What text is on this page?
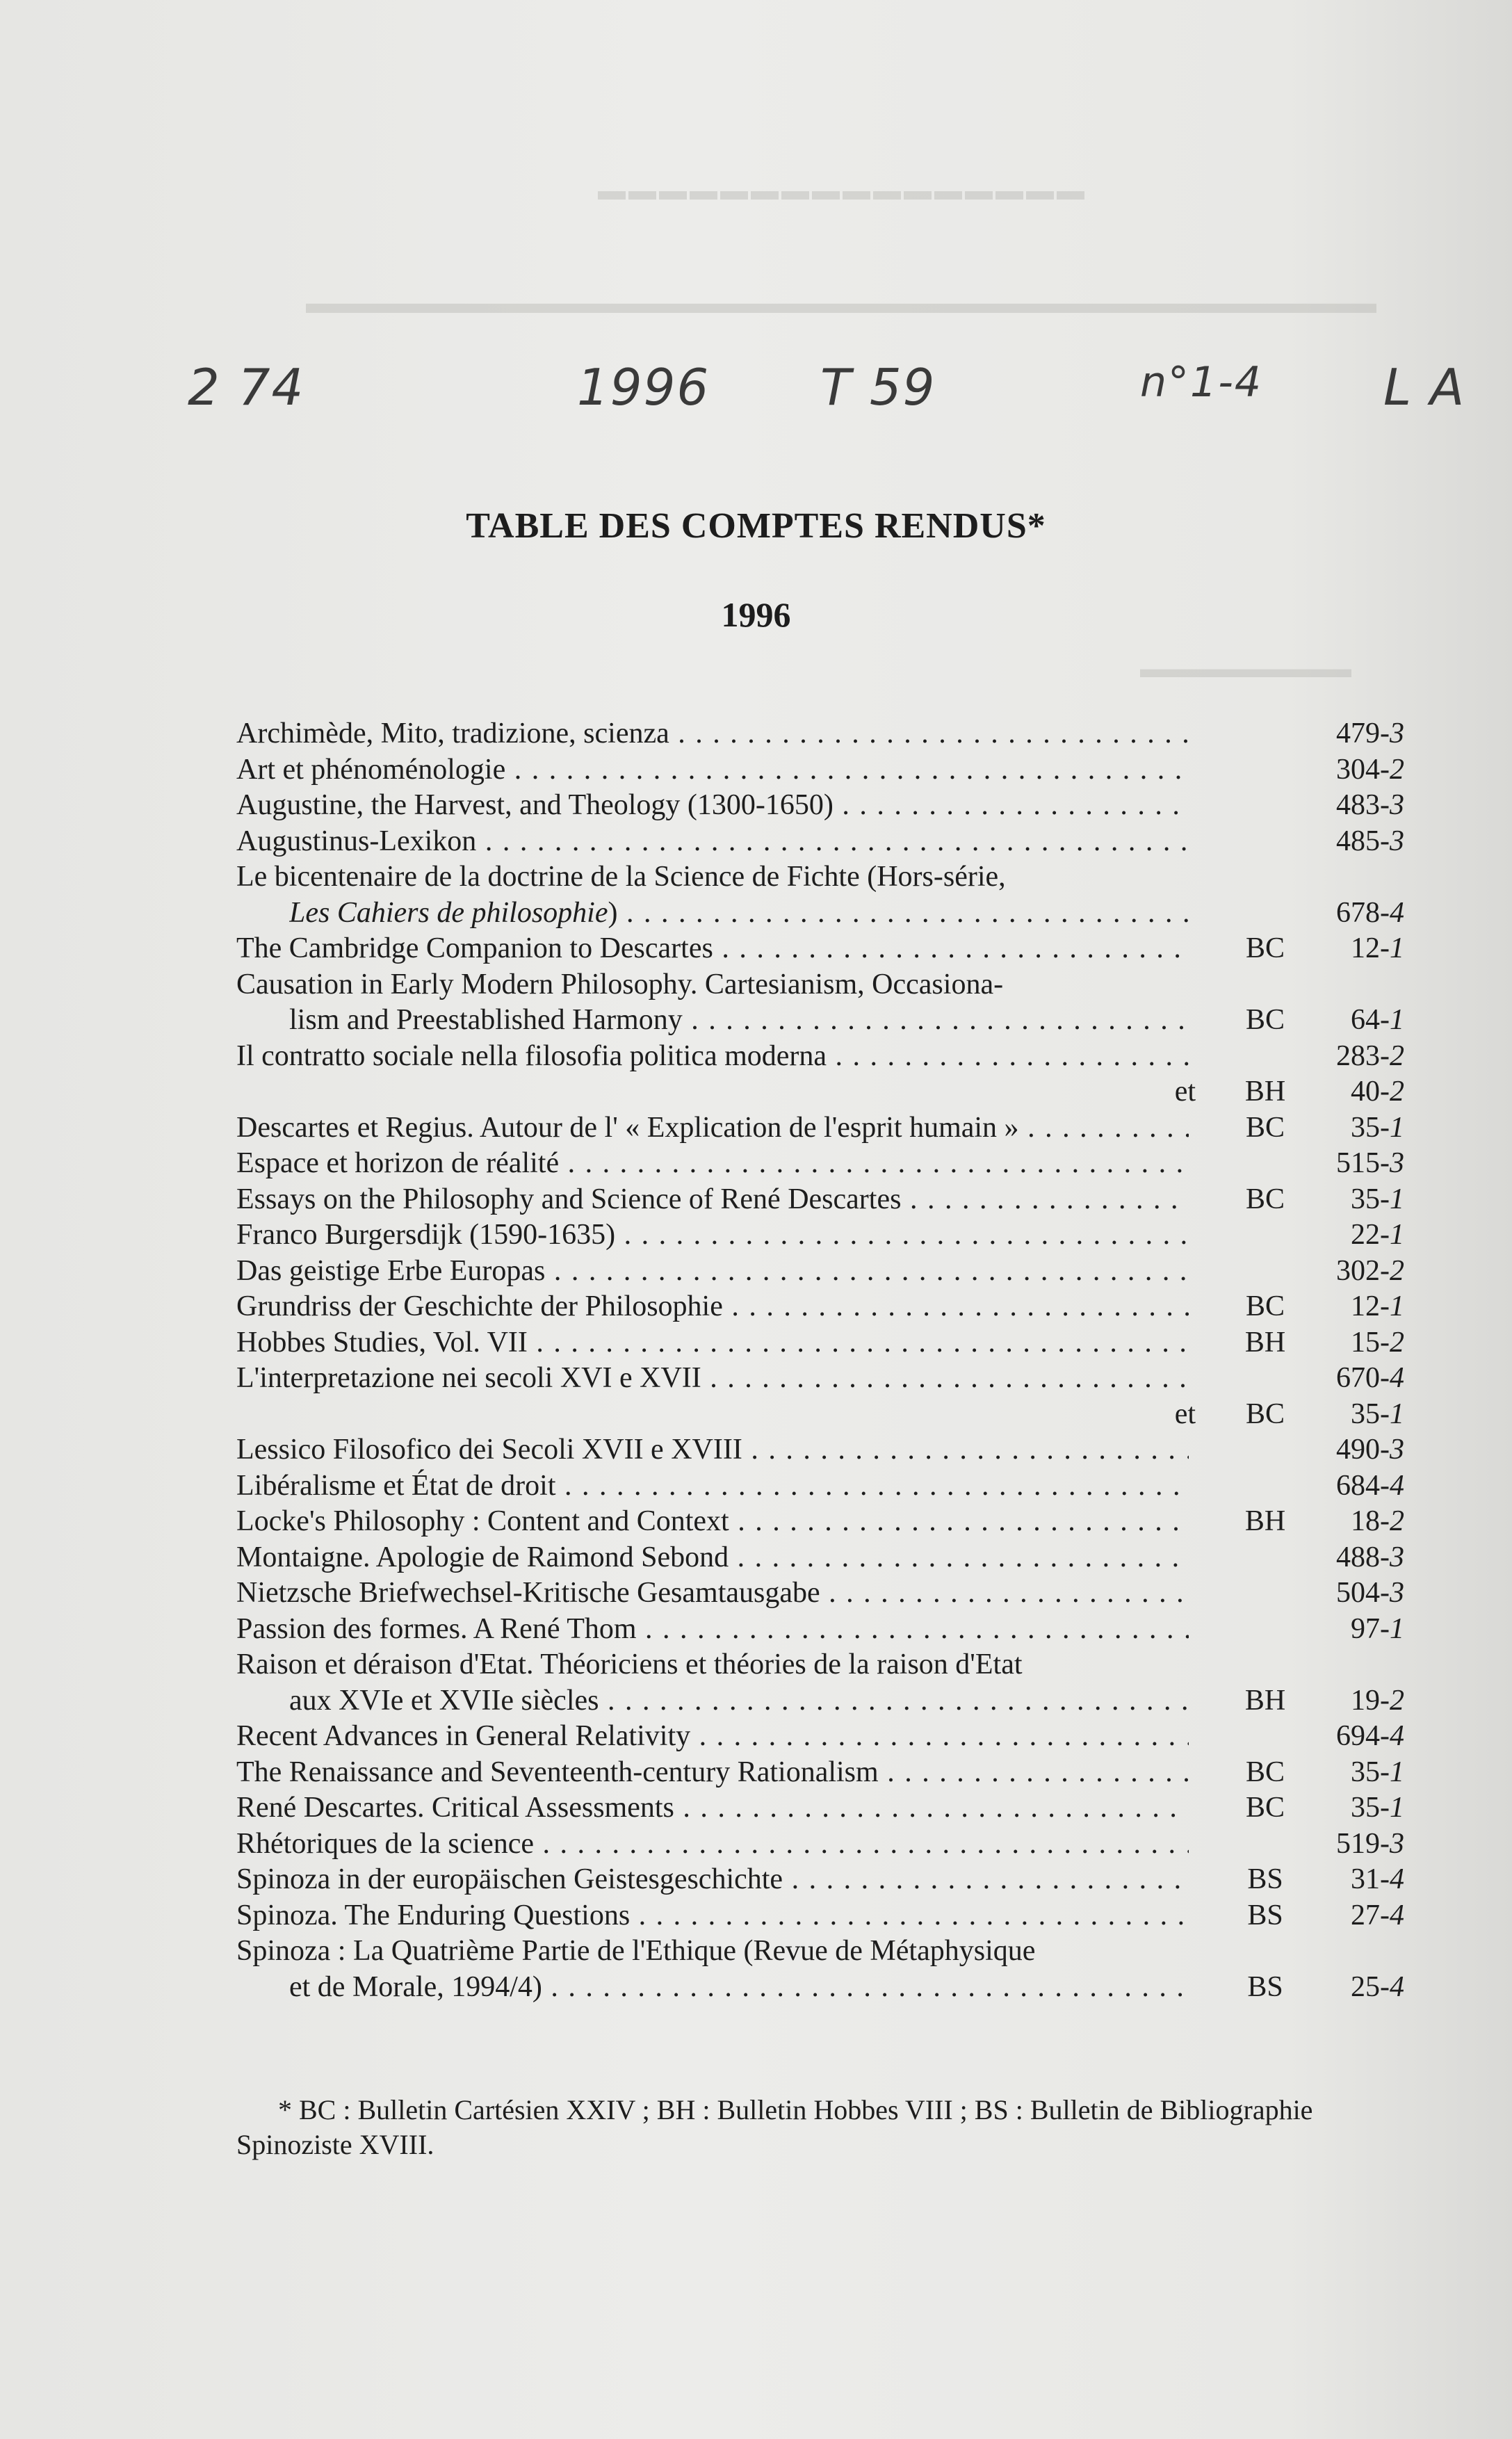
▬▬▬▬▬▬▬▬▬▬▬▬▬▬▬▬
▬▬▬▬▬▬▬▬▬▬▬▬▬▬▬▬▬▬▬▬▬▬▬▬▬▬▬▬▬▬▬▬▬▬▬
▬▬▬▬▬▬▬▬
2 74	1996 T 59	n°1-4 L A
TABLE DES COMPTES RENDUS*
1996
Archimède, Mito, tradizione, scienza . . .	479-3
Art et phénoménologie . . .	304-2
Augustine, the Harvest, and Theology (1300-1650) . . .	483-3
Augustinus-Lexikon . . .	485-3
Le bicentenaire de la doctrine de la Science de Fichte (Hors-série,
Les Cahiers de philosophie) . . .	678-4
The Cambridge Companion to Descartes . . .	BC	12-1
Causation in Early Modern Philosophy. Cartesianism, Occasiona-
lism and Preestablished Harmony . . .	BC	64-1
Il contratto sociale nella filosofia politica moderna . . .	283-2
et	BH	40-2
Descartes et Regius. Autour de l' « Explication de l'esprit humain » . . .	BC	35-1
Espace et horizon de réalité . . .	515-3
Essays on the Philosophy and Science of René Descartes . . .	BC	35-1
Franco Burgersdijk (1590-1635) . . .	22-1
Das geistige Erbe Europas . . .	302-2
Grundriss der Geschichte der Philosophie . . .	BC	12-1
Hobbes Studies, Vol. VII . . .	BH	15-2
L'interpretazione nei secoli XVI e XVII . . .	670-4
et	BC	35-1
Lessico Filosofico dei Secoli XVII e XVIII . . .	490-3
Libéralisme et État de droit . . .	684-4
Locke's Philosophy : Content and Context . . .	BH	18-2
Montaigne. Apologie de Raimond Sebond . . .	488-3
Nietzsche Briefwechsel-Kritische Gesamtausgabe . . .	504-3
Passion des formes. A René Thom . . .	97-1
Raison et déraison d'Etat. Théoriciens et théories de la raison d'Etat
aux XVIe et XVIIe siècles . . .	BH	19-2
Recent Advances in General Relativity . . .	694-4
The Renaissance and Seventeenth-century Rationalism . . .	BC	35-1
René Descartes. Critical Assessments . . .	BC	35-1
Rhétoriques de la science . . .	519-3
Spinoza in der europäischen Geistesgeschichte . . .	BS	31-4
Spinoza. The Enduring Questions . . .	BS	27-4
Spinoza : La Quatrième Partie de l'Ethique (Revue de Métaphysique
et de Morale, 1994/4) . . .	BS	25-4
* BC : Bulletin Cartésien XXIV ; BH : Bulletin Hobbes VIII ; BS : Bulletin de Bibliographie Spinoziste XVIII.
